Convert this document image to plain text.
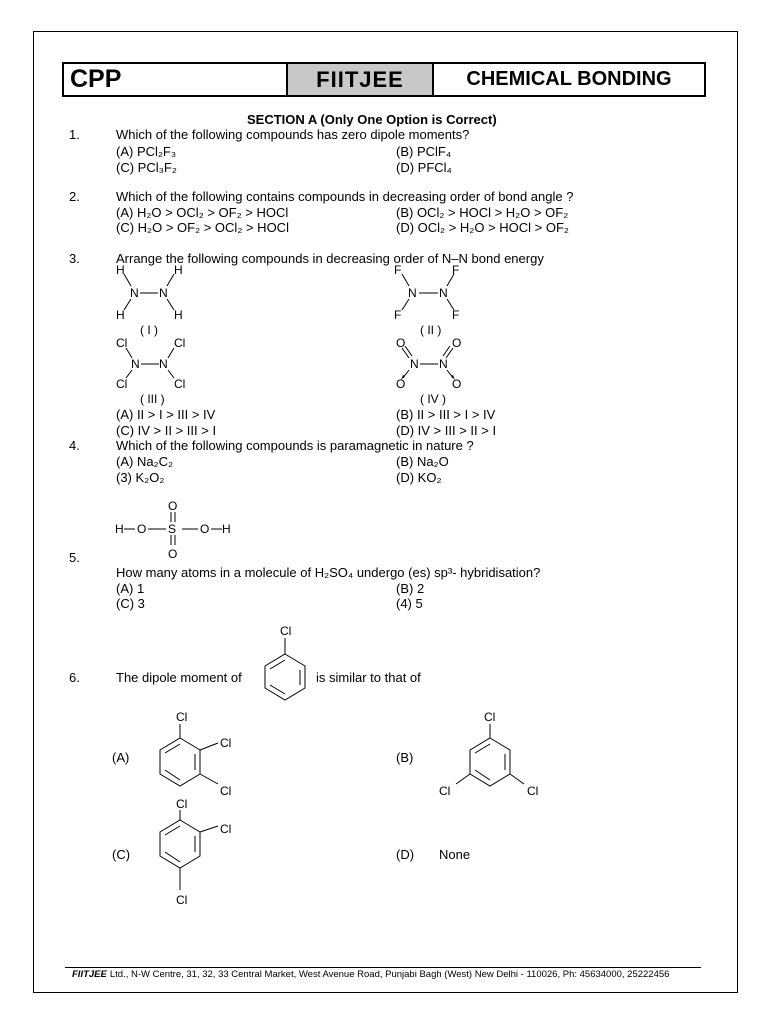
CPP	FIITJEE	CHEMICAL BONDING
SECTION A (Only One Option is Correct)
1.	Which of the following compounds has zero dipole moments?
(A) PCl₂F₃	(B) PClF₄
(C) PCl₃F₂	(D) PFCl₄
2.	Which of the following contains compounds in decreasing order of bond angle ?
(A) H₂O > OCl₂ > OF₂ > HOCl	(B) OCl₂ > HOCl > H₂O > OF₂
(C) H₂O > OF₂ > OCl₂ > HOCl	(D) OCl₂ > H₂O > HOCl > OF₂
3.	Arrange the following compounds in decreasing order of N–N bond energy
H	H
N N
H	H
( I )
F	F
N N
F	F
( II )
Cl	Cl
N N
Cl	Cl
( III )
O	O
N N
O	O
( IV )
(A) II > I > III > IV	(B) II > III > I > IV
(C) IV > II > III > I	(D) IV > III > II > I
4.	Which of the following compounds is paramagnetic in nature ?
(A) Na₂C₂	(B) Na₂O
(3) K₂O₂	(D) KO₂
O
H O S O H
O
5.
How many atoms in a molecule of H₂SO₄ undergo (es) sp³- hybridisation?
(A) 1	(B) 2
(C) 3	(4) 5
6.	The dipole moment of
Cl
is similar to that of
(A)
Cl
Cl
Cl
(B)
Cl
Cl	Cl
(C)
Cl
Cl
Cl
(D) None
FIITJEE Ltd., N-W Centre, 31, 32, 33 Central Market, West Avenue Road, Punjabi Bagh (West) New Delhi - 110026, Ph: 45634000, 25222456
